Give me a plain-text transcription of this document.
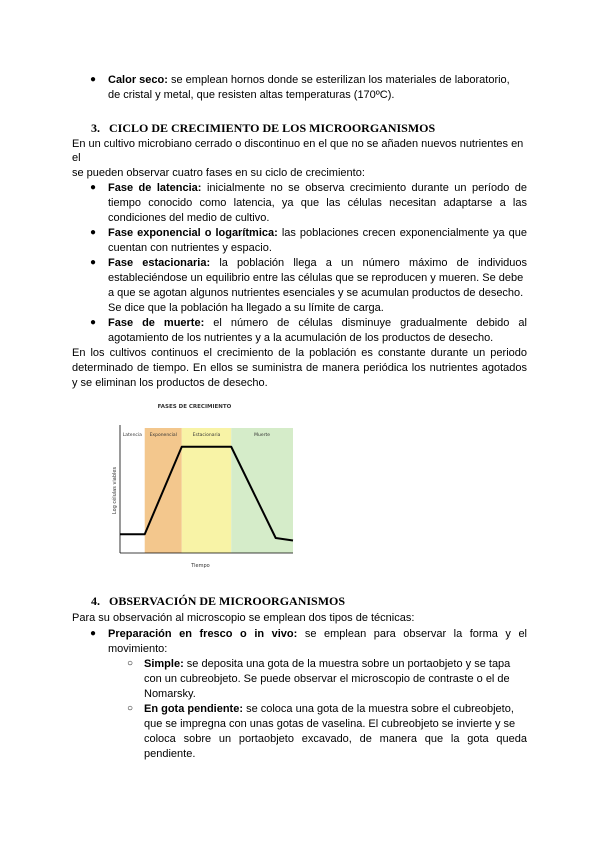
● Calor seco: se emplean hornos donde se esterilizan los materiales de laboratorio,
de cristal y metal, que resisten altas temperaturas (170ºC).
3. CICLO DE CRECIMIENTO DE LOS MICROORGANISMOS
En un cultivo microbiano cerrado o discontinuo en el que no se añaden nuevos nutrientes en
el
se pueden observar cuatro fases en su ciclo de crecimiento:
● Fase de latencia: inicialmente no se observa crecimiento durante un período de
tiempo conocido como latencia, ya que las células necesitan adaptarse a las
condiciones del medio de cultivo.
● Fase exponencial o logarítmica: las poblaciones crecen exponencialmente ya que
cuentan con nutrientes y espacio.
● Fase estacionaria: la población llega a un número máximo de individuos
estableciéndose un equilibrio entre las células que se reproducen y mueren. Se debe
a que se agotan algunos nutrientes esenciales y se acumulan productos de desecho.
Se dice que la población ha llegado a su límite de carga.
● Fase de muerte: el número de células disminuye gradualmente debido al
agotamiento de los nutrientes y a la acumulación de los productos de desecho.
En los cultivos continuos el crecimiento de la población es constante durante un periodo
determinado de tiempo. En ellos se suministra de manera periódica los nutrientes agotados
y se eliminan los productos de desecho.
Latencia Exponencial	Estacionaria	Muerte
FASES DE CRECIMIENTO
Tiempo
Log células viables
4. OBSERVACIÓN DE MICROORGANISMOS
Para su observación al microscopio se emplean dos tipos de técnicas:
● Preparación en fresco o in vivo: se emplean para observar la forma y el
movimiento:
○ Simple: se deposita una gota de la muestra sobre un portaobjeto y se tapa
con un cubreobjeto. Se puede observar el microscopio de contraste o el de
Nomarsky.
○ En gota pendiente: se coloca una gota de la muestra sobre el cubreobjeto,
que se impregna con unas gotas de vaselina. El cubreobjeto se invierte y se
coloca sobre un portaobjeto excavado, de manera que la gota queda
pendiente.
